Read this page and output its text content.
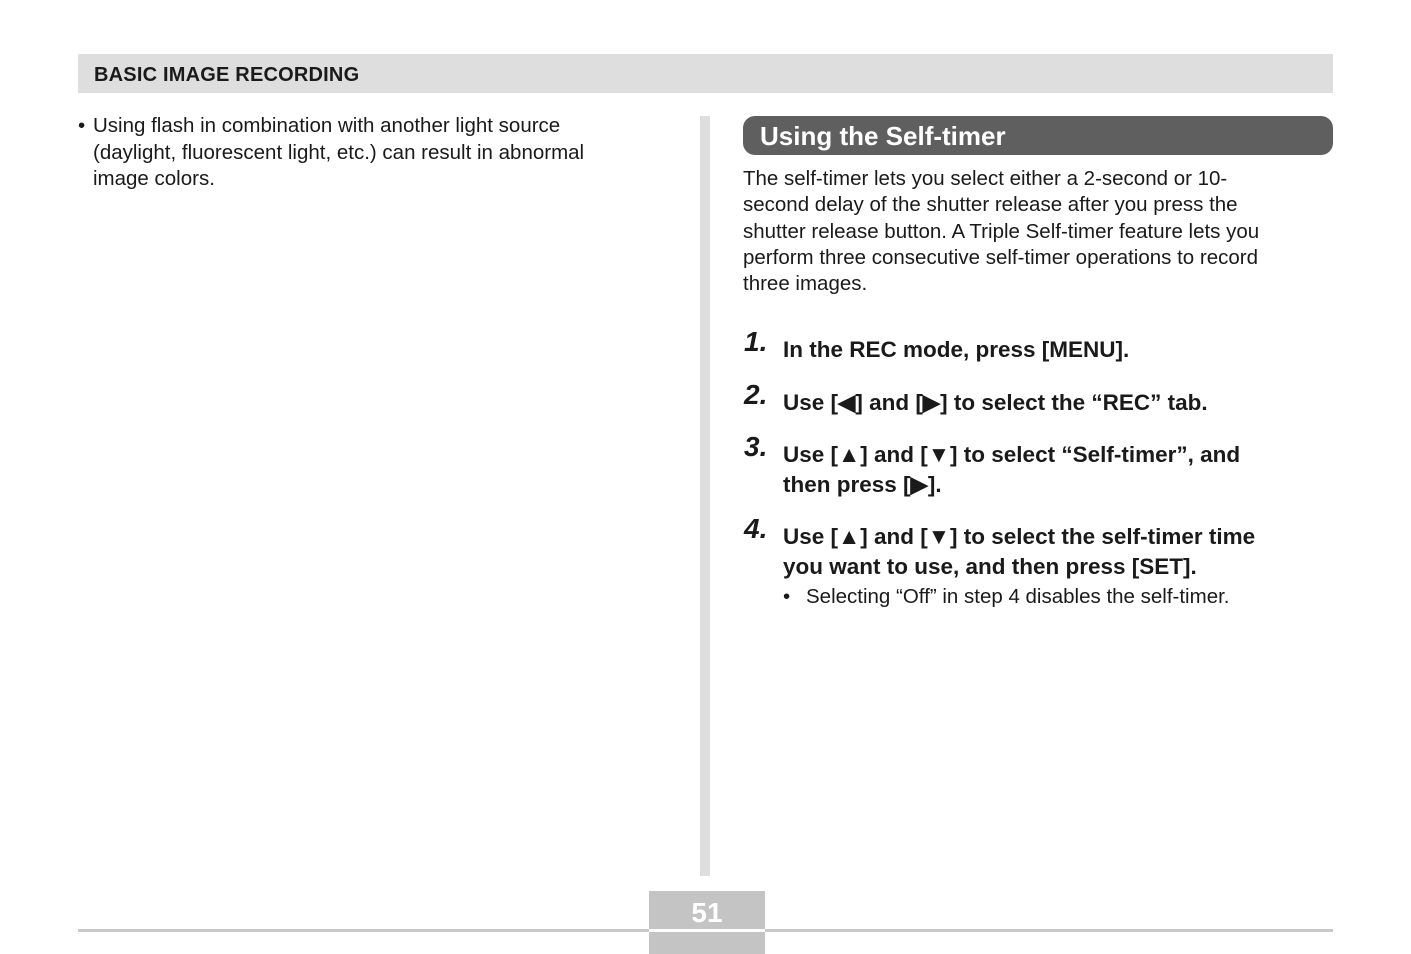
BASIC IMAGE RECORDING
• Using flash in combination with another light source
(daylight, fluorescent light, etc.) can result in abnormal
image colors.
Using the Self-timer
The self-timer lets you select either a 2-second or 10-
second delay of the shutter release after you press the
shutter release button. A Triple Self-timer feature lets you
perform three consecutive self-timer operations to record
three images.
1. In the REC mode, press [MENU].
2. Use [◀] and [▶] to select the “REC” tab.
3. Use [▲] and [▼] to select “Self-timer”, and
then press [▶].
4. Use [▲] and [▼] to select the self-timer time
you want to use, and then press [SET].
• Selecting “Off” in step 4 disables the self-timer.
51
